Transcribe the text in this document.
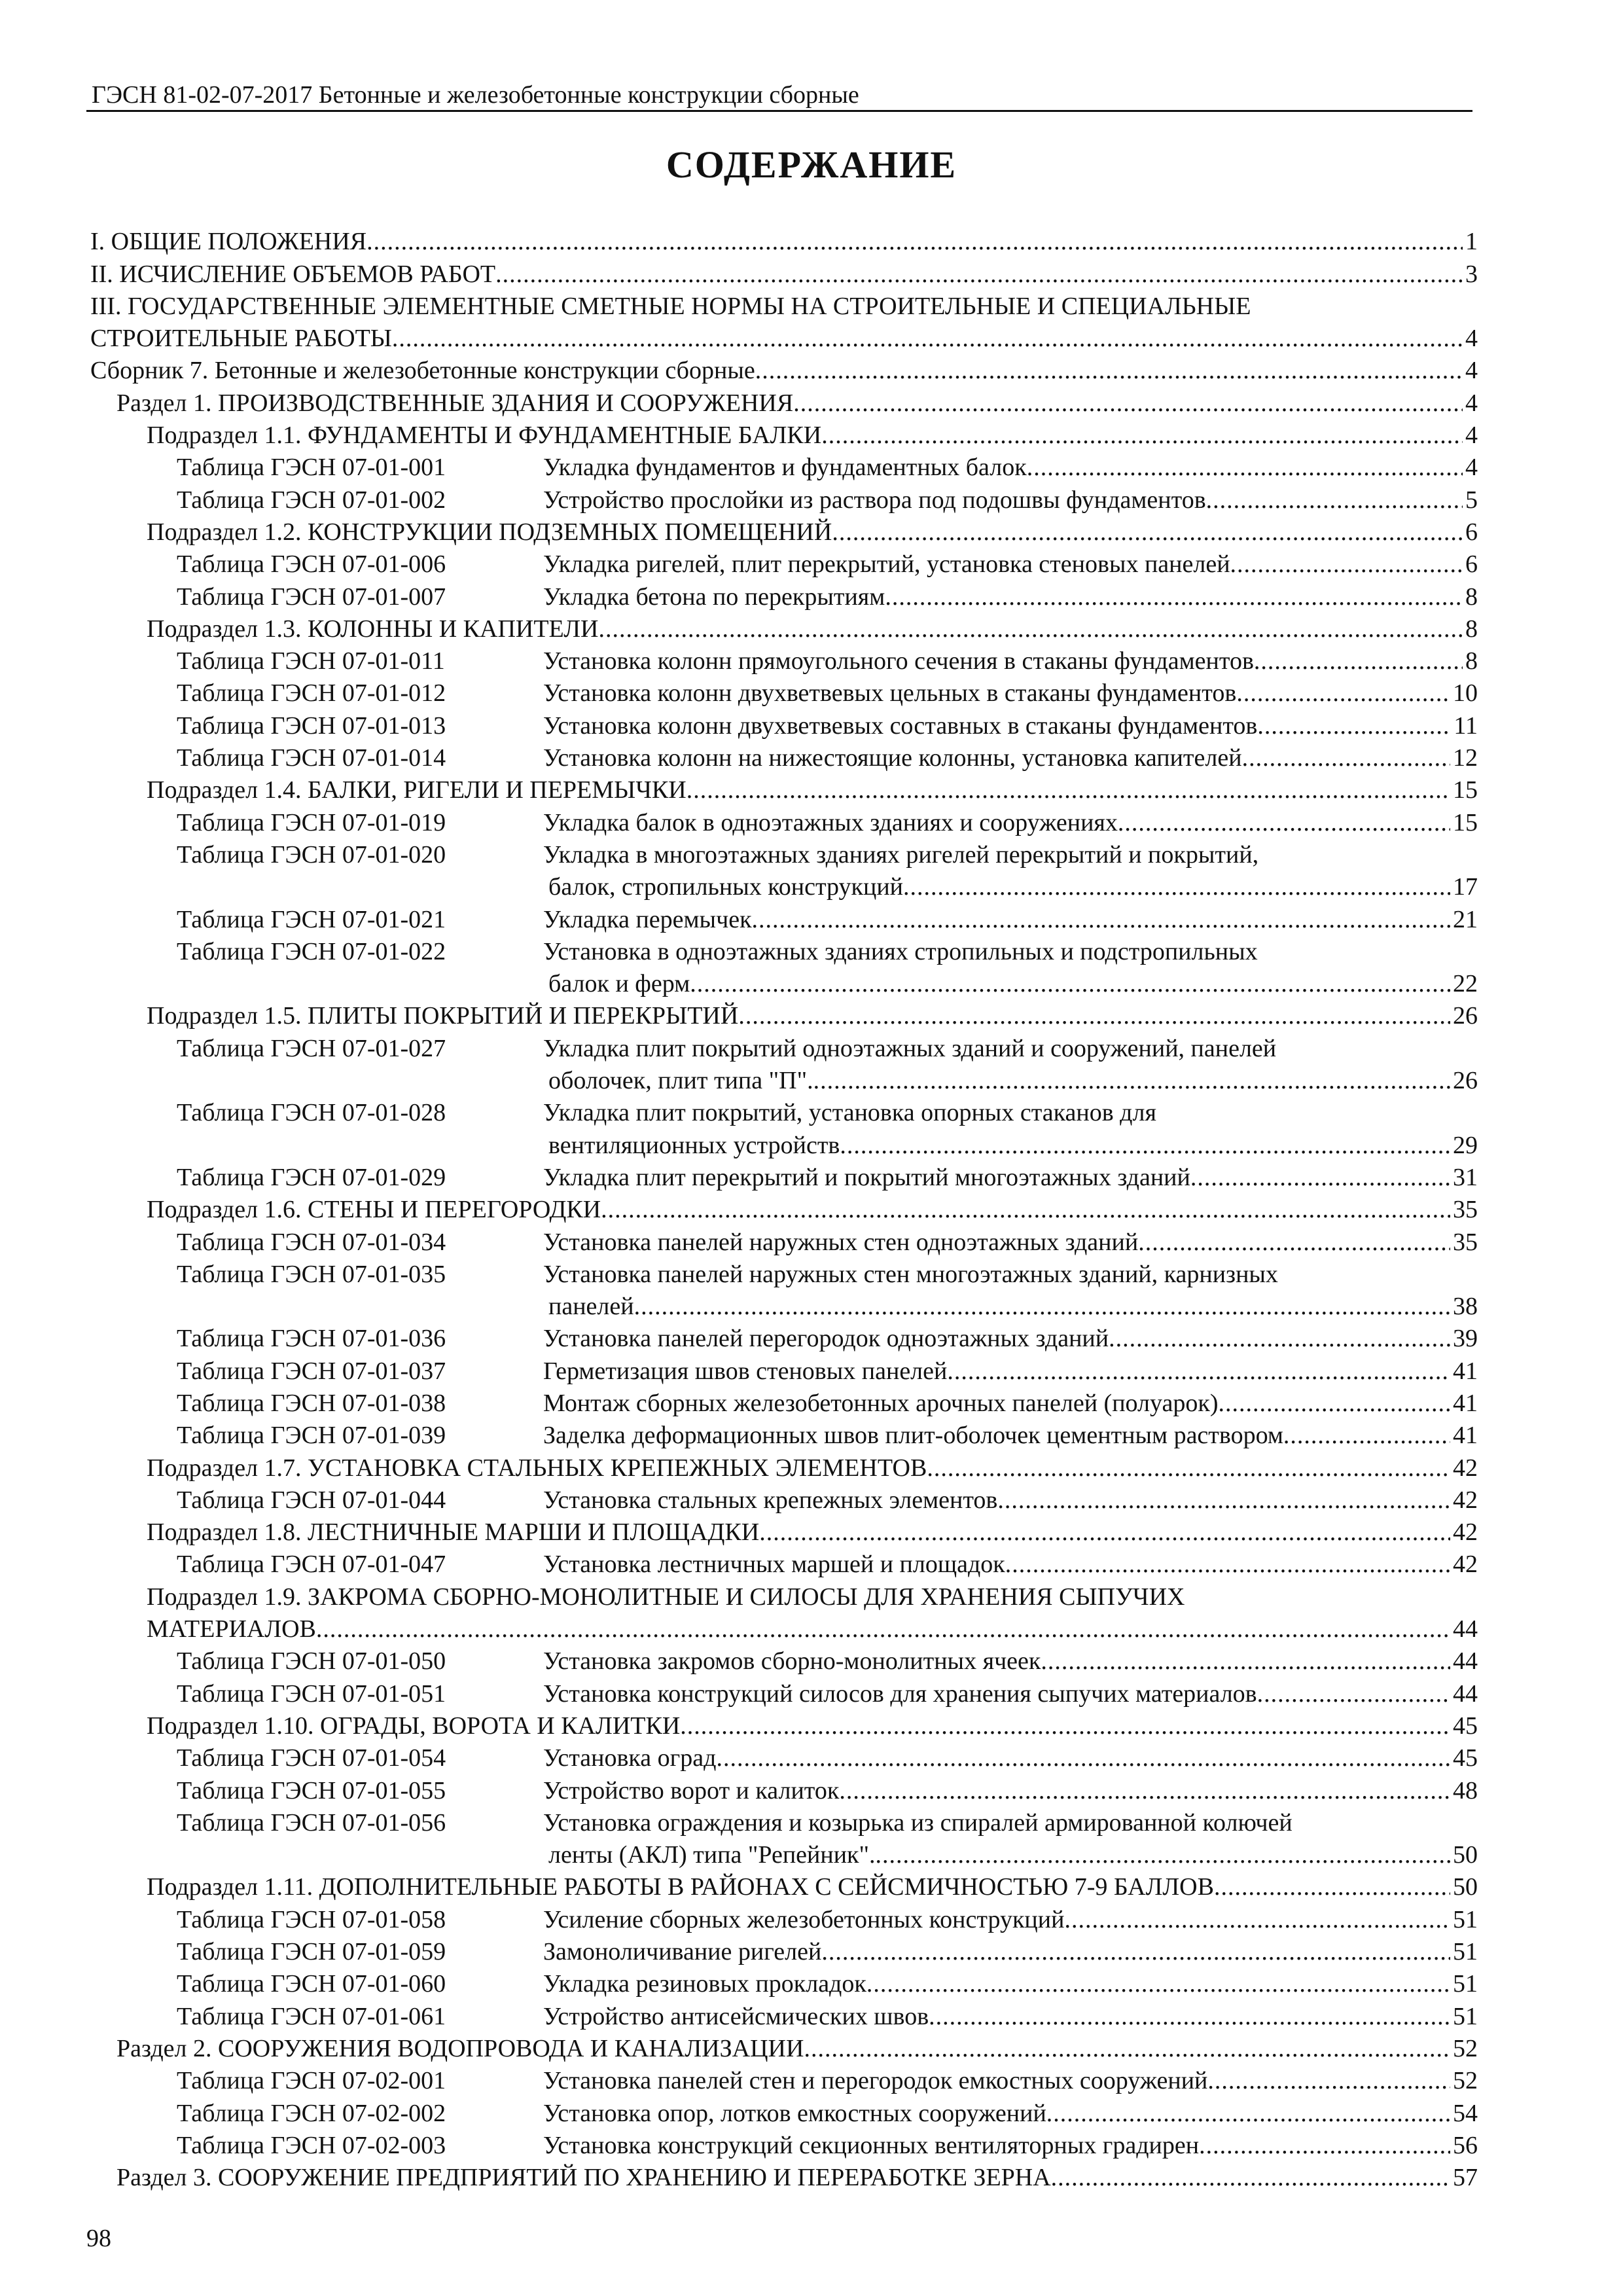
ГЭСН 81-02-07-2017 Бетонные и железобетонные конструкции сборные
СОДЕРЖАНИЕ
I. ОБЩИЕ ПОЛОЖЕНИЯ .....	1
II. ИСЧИСЛЕНИЕ ОБЪЕМОВ РАБОТ .....	3
III. ГОСУДАРСТВЕННЫЕ ЭЛЕМЕНТНЫЕ СМЕТНЫЕ НОРМЫ НА СТРОИТЕЛЬНЫЕ И СПЕЦИАЛЬНЫЕ
СТРОИТЕЛЬНЫЕ РАБОТЫ .....	4
Сборник 7. Бетонные и железобетонные конструкции сборные .....	4
Раздел 1. ПРОИЗВОДСТВЕННЫЕ ЗДАНИЯ И СООРУЖЕНИЯ .....	4
Подраздел 1.1. ФУНДАМЕНТЫ И ФУНДАМЕНТНЫЕ БАЛКИ .....	4
Таблица ГЭСН 07-01-001	Укладка фундаментов и фундаментных балок .....	4
Таблица ГЭСН 07-01-002	Устройство прослойки из раствора под подошвы фундаментов .....	5
Подраздел 1.2. КОНСТРУКЦИИ ПОДЗЕМНЫХ ПОМЕЩЕНИЙ .....	6
Таблица ГЭСН 07-01-006	Укладка ригелей, плит перекрытий, установка стеновых панелей .....	6
Таблица ГЭСН 07-01-007	Укладка бетона по перекрытиям .....	8
Подраздел 1.3. КОЛОННЫ И КАПИТЕЛИ .....	8
Таблица ГЭСН 07-01-011	Установка колонн прямоугольного сечения в стаканы фундаментов .....	8
Таблица ГЭСН 07-01-012	Установка колонн двухветвевых цельных в стаканы фундаментов .....	10
Таблица ГЭСН 07-01-013	Установка колонн двухветвевых составных в стаканы фундаментов .....	11
Таблица ГЭСН 07-01-014	Установка колонн на нижестоящие колонны, установка капителей .....	12
Подраздел 1.4. БАЛКИ, РИГЕЛИ И ПЕРЕМЫЧКИ .....	15
Таблица ГЭСН 07-01-019	Укладка балок в одноэтажных зданиях и сооружениях .....	15
Таблица ГЭСН 07-01-020	Укладка в многоэтажных зданиях ригелей перекрытий и покрытий,
балок, стропильных конструкций .....	17
Таблица ГЭСН 07-01-021	Укладка перемычек .....	21
Таблица ГЭСН 07-01-022	Установка в одноэтажных зданиях стропильных и подстропильных
балок и ферм .....	22
Подраздел 1.5. ПЛИТЫ ПОКРЫТИЙ И ПЕРЕКРЫТИЙ .....	26
Таблица ГЭСН 07-01-027	Укладка плит покрытий одноэтажных зданий и сооружений, панелей
оболочек, плит типа "П". .....	26
Таблица ГЭСН 07-01-028	Укладка плит покрытий, установка опорных стаканов для
вентиляционных устройств .....	29
Таблица ГЭСН 07-01-029	Укладка плит перекрытий и покрытий многоэтажных зданий .....	31
Подраздел 1.6. СТЕНЫ И ПЕРЕГОРОДКИ .....	35
Таблица ГЭСН 07-01-034	Установка панелей наружных стен одноэтажных зданий .....	35
Таблица ГЭСН 07-01-035	Установка панелей наружных стен многоэтажных зданий, карнизных
панелей .....	38
Таблица ГЭСН 07-01-036	Установка панелей перегородок одноэтажных зданий .....	39
Таблица ГЭСН 07-01-037	Герметизация швов стеновых панелей .....	41
Таблица ГЭСН 07-01-038	Монтаж сборных железобетонных арочных панелей (полуарок) .....	41
Таблица ГЭСН 07-01-039	Заделка деформационных швов плит-оболочек цементным раствором .....	41
Подраздел 1.7. УСТАНОВКА СТАЛЬНЫХ КРЕПЕЖНЫХ ЭЛЕМЕНТОВ .....	42
Таблица ГЭСН 07-01-044	Установка стальных крепежных элементов .....	42
Подраздел 1.8. ЛЕСТНИЧНЫЕ МАРШИ И ПЛОЩАДКИ .....	42
Таблица ГЭСН 07-01-047	Установка лестничных маршей и площадок .....	42
Подраздел 1.9. ЗАКРОМА СБОРНО-МОНОЛИТНЫЕ И СИЛОСЫ ДЛЯ ХРАНЕНИЯ СЫПУЧИХ
МАТЕРИАЛОВ .....	44
Таблица ГЭСН 07-01-050	Установка закромов сборно-монолитных ячеек .....	44
Таблица ГЭСН 07-01-051	Установка конструкций силосов для хранения сыпучих материалов .....	44
Подраздел 1.10. ОГРАДЫ, ВОРОТА И КАЛИТКИ .....	45
Таблица ГЭСН 07-01-054	Установка оград .....	45
Таблица ГЭСН 07-01-055	Устройство ворот и калиток .....	48
Таблица ГЭСН 07-01-056	Установка ограждения и козырька из спиралей армированной колючей
ленты (АКЛ) типа "Репейник". .....	50
Подраздел 1.11. ДОПОЛНИТЕЛЬНЫЕ РАБОТЫ В РАЙОНАХ С СЕЙСМИЧНОСТЬЮ 7-9 БАЛЛОВ .....	50
Таблица ГЭСН 07-01-058	Усиление сборных железобетонных конструкций .....	51
Таблица ГЭСН 07-01-059	Замоноличивание ригелей .....	51
Таблица ГЭСН 07-01-060	Укладка резиновых прокладок .....	51
Таблица ГЭСН 07-01-061	Устройство антисейсмических швов .....	51
Раздел 2. СООРУЖЕНИЯ ВОДОПРОВОДА И КАНАЛИЗАЦИИ .....	52
Таблица ГЭСН 07-02-001	Установка панелей стен и перегородок емкостных сооружений .....	52
Таблица ГЭСН 07-02-002	Установка опор, лотков емкостных сооружений .....	54
Таблица ГЭСН 07-02-003	Установка конструкций секционных вентиляторных градирен .....	56
Раздел 3. СООРУЖЕНИЕ ПРЕДПРИЯТИЙ ПО ХРАНЕНИЮ И ПЕРЕРАБОТКЕ ЗЕРНА .....	57
98
